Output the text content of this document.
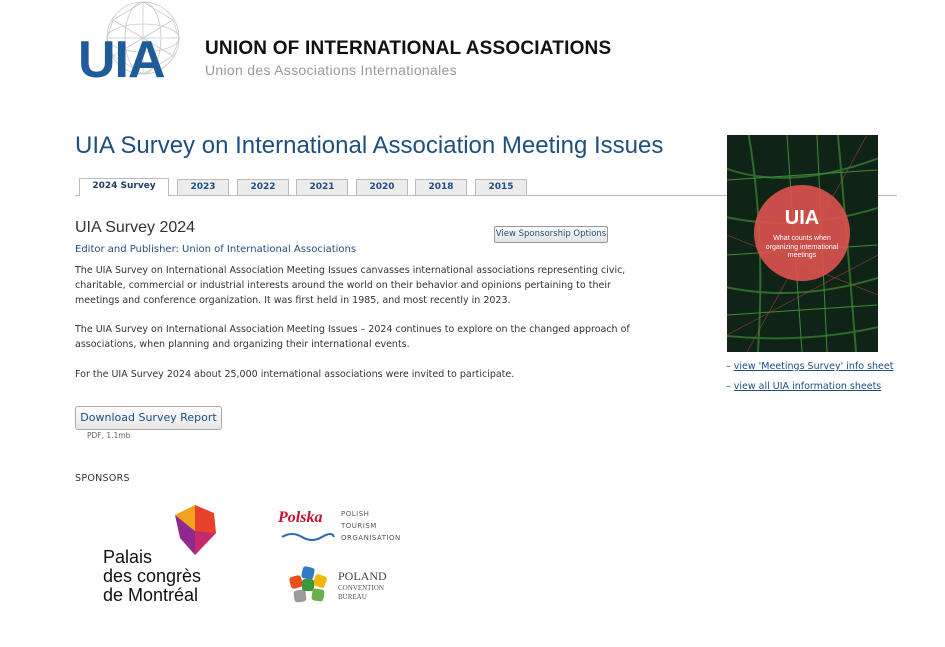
UIA UNION OF INTERNATIONAL ASSOCIATIONS
Union des Associations Internationales
UIA Survey on International Association Meeting Issues
2024 Survey	2023	2022	2021	2020	2018	2015
UIA Survey 2024
Editor and Publisher: Union of International Associations
View Sponsorship Options

The UIA Survey on International Association Meeting Issues canvasses international associations representing civic, charitable, commercial or industrial interests around the world on their behavior and opinions pertaining to their meetings and conference organization. It was first held in 1985, and most recently in 2023.

The UIA Survey on International Association Meeting Issues – 2024 continues to explore on the changed approach of associations, when planning and organizing their international events.

For the UIA Survey 2024 about 25,000 international associations were invited to participate.

Download Survey Report
PDF, 1.1mb
SPONSORS
Palais
des congrès
de Montréal
Polska	POLISH
TOURISM
ORGANISATION
POLAND
CONVENTION
BUREAU
UIA
What counts when organizing international meetings
– view 'Meetings Survey' info sheet
– view all UIA information sheets
